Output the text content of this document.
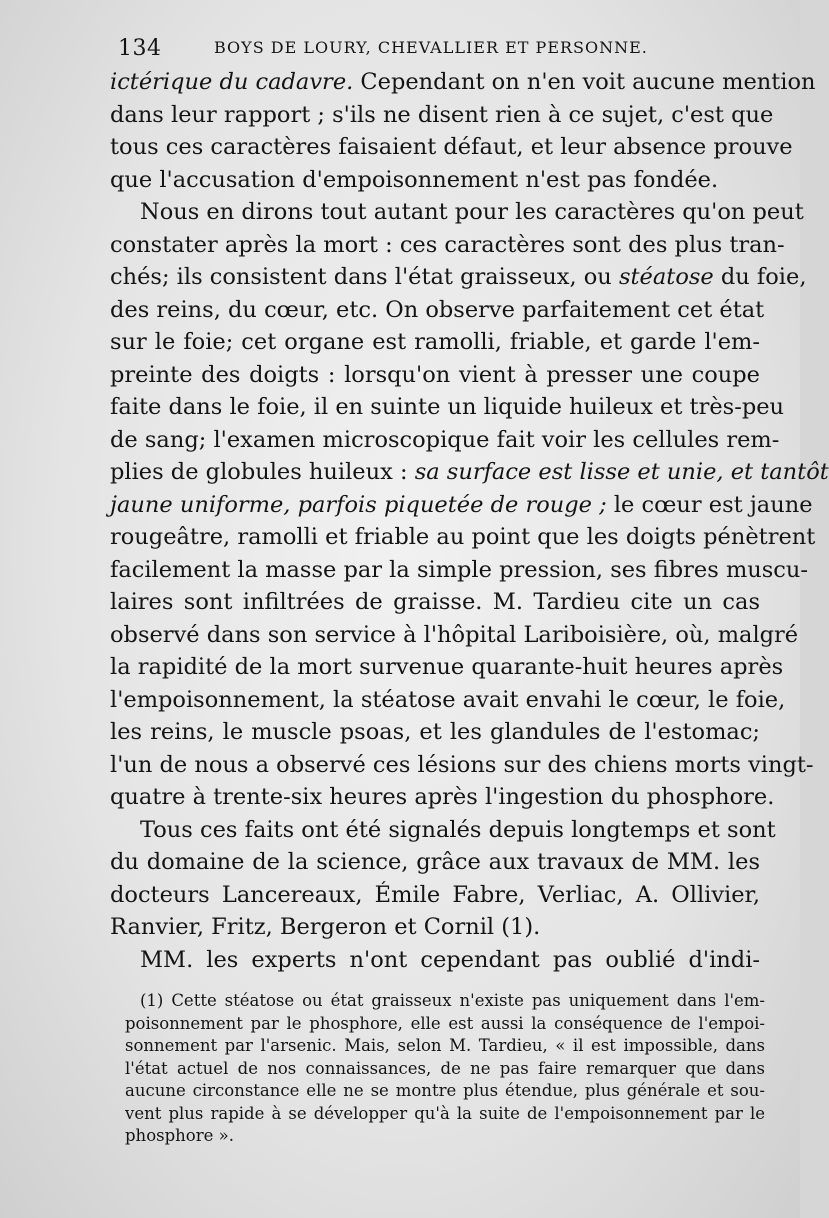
134	BOYS DE LOURY, CHEVALLIER ET PERSONNE.
ictérique du cadavre. Cependant on n'en voit aucune mention
dans leur rapport ; s'ils ne disent rien à ce sujet, c'est que
tous ces caractères faisaient défaut, et leur absence prouve
que l'accusation d'empoisonnement n'est pas fondée.
Nous en dirons tout autant pour les caractères qu'on peut
constater après la mort : ces caractères sont des plus tran-
chés; ils consistent dans l'état graisseux, ou stéatose du foie,
des reins, du cœur, etc. On observe parfaitement cet état
sur le foie; cet organe est ramolli, friable, et garde l'em-
preinte des doigts : lorsqu'on vient à presser une coupe
faite dans le foie, il en suinte un liquide huileux et très-peu
de sang; l'examen microscopique fait voir les cellules rem-
plies de globules huileux : sa surface est lisse et unie, et tantôt
jaune uniforme, parfois piquetée de rouge ; le cœur est jaune
rougeâtre, ramolli et friable au point que les doigts pénètrent
facilement la masse par la simple pression, ses fibres muscu-
laires sont infiltrées de graisse. M. Tardieu cite un cas
observé dans son service à l'hôpital Lariboisière, où, malgré
la rapidité de la mort survenue quarante-huit heures après
l'empoisonnement, la stéatose avait envahi le cœur, le foie,
les reins, le muscle psoas, et les glandules de l'estomac;
l'un de nous a observé ces lésions sur des chiens morts vingt-
quatre à trente-six heures après l'ingestion du phosphore.
Tous ces faits ont été signalés depuis longtemps et sont
du domaine de la science, grâce aux travaux de MM. les
docteurs Lancereaux, Émile Fabre, Verliac, A. Ollivier,
Ranvier, Fritz, Bergeron et Cornil (1).
MM. les experts n'ont cependant pas oublié d'indi-
(1) Cette stéatose ou état graisseux n'existe pas uniquement dans l'em-
poisonnement par le phosphore, elle est aussi la conséquence de l'empoi-
sonnement par l'arsenic. Mais, selon M. Tardieu, « il est impossible, dans
l'état actuel de nos connaissances, de ne pas faire remarquer que dans
aucune circonstance elle ne se montre plus étendue, plus générale et sou-
vent plus rapide à se développer qu'à la suite de l'empoisonnement par le
phosphore ».
